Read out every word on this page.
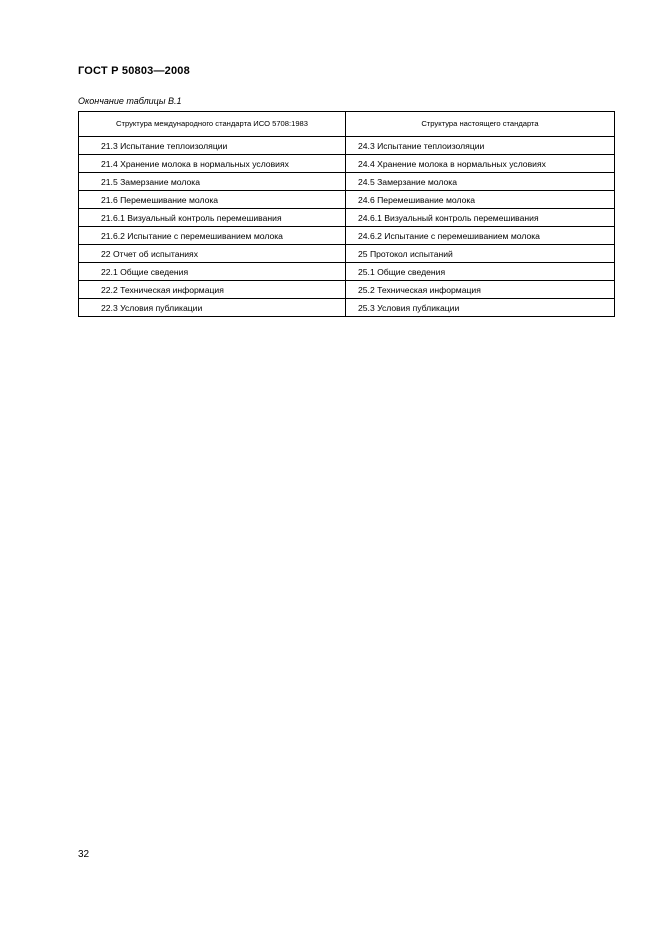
ГОСТ Р 50803—2008
Окончание таблицы В.1
Структура международного стандарта ИСО 5708:1983	Структура настоящего стандарта
21.3 Испытание теплоизоляции	24.3 Испытание теплоизоляции
21.4 Хранение молока в нормальных условиях	24.4 Хранение молока в нормальных условиях
21.5 Замерзание молока	24.5 Замерзание молока
21.6 Перемешивание молока	24.6 Перемешивание молока
21.6.1 Визуальный контроль перемешивания	24.6.1 Визуальный контроль перемешивания
21.6.2 Испытание с перемешиванием молока	24.6.2 Испытание с перемешиванием молока
22 Отчет об испытаниях	25 Протокол испытаний
22.1 Общие сведения	25.1 Общие сведения
22.2 Техническая информация	25.2 Техническая информация
22.3 Условия публикации	25.3 Условия публикации
32
